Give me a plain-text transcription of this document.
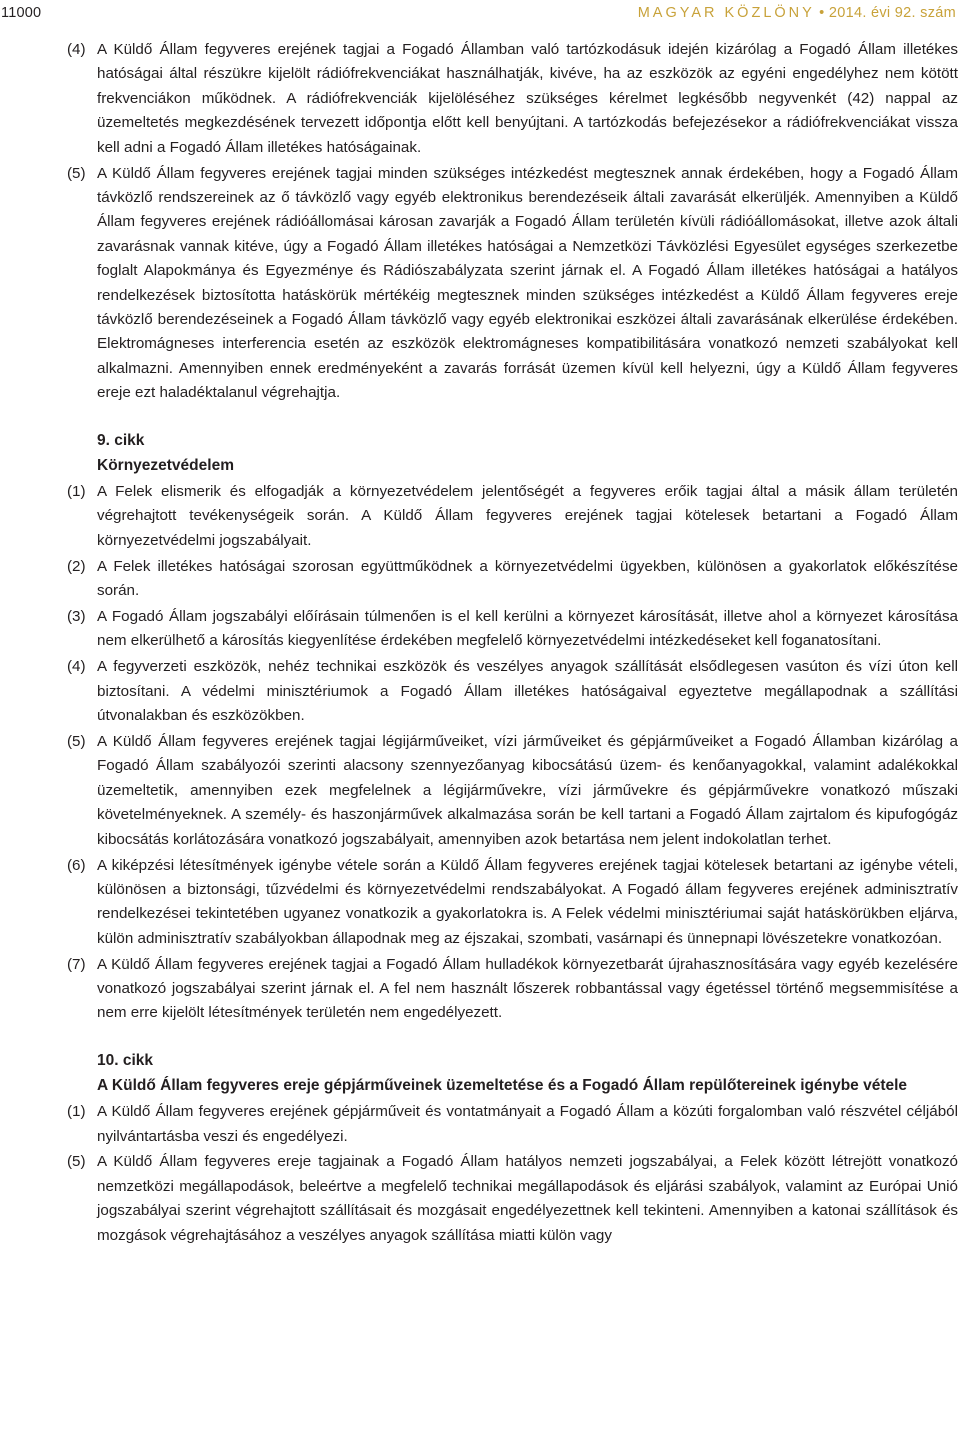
11000	MAGYAR KÖZLÖNY • 2014. évi 92. szám

(4) A Küldő Állam fegyveres erejének tagjai a Fogadó Államban való tartózkodásuk idején kizárólag a Fogadó Állam illetékes hatóságai által részükre kijelölt rádiófrekvenciákat használhatják, kivéve, ha az eszközök az egyéni engedélyhez nem kötött frekvenciákon működnek. A rádiófrekvenciák kijelöléséhez szükséges kérelmet legkésőbb negyvenkét (42) nappal az üzemeltetés megkezdésének tervezett időpontja előtt kell benyújtani. A tartózkodás befejezésekor a rádiófrekvenciákat vissza kell adni a Fogadó Állam illetékes hatóságainak.

(5) A Küldő Állam fegyveres erejének tagjai minden szükséges intézkedést megtesznek annak érdekében, hogy a Fogadó Állam távközlő rendszereinek az ő távközlő vagy egyéb elektronikus berendezéseik általi zavarását elkerüljék. Amennyiben a Küldő Állam fegyveres erejének rádióállomásai károsan zavarják a Fogadó Állam területén kívüli rádióállomásokat, illetve azok általi zavarásnak vannak kitéve, úgy a Fogadó Állam illetékes hatóságai a Nemzetközi Távközlési Egyesület egységes szerkezetbe foglalt Alapokmánya és Egyezménye és Rádiószabályzata szerint járnak el. A Fogadó Állam illetékes hatóságai a hatályos rendelkezések biztosította hatáskörük mértékéig megtesznek minden szükséges intézkedést a Küldő Állam fegyveres ereje távközlő berendezéseinek a Fogadó Állam távközlő vagy egyéb elektronikai eszközei általi zavarásának elkerülése érdekében. Elektromágneses interferencia esetén az eszközök elektromágneses kompatibilitására vonatkozó nemzeti szabályokat kell alkalmazni. Amennyiben ennek eredményeként a zavarás forrását üzemen kívül kell helyezni, úgy a Küldő Állam fegyveres ereje ezt haladéktalanul végrehajtja.

9. cikk
Környezetvédelem

(1) A Felek elismerik és elfogadják a környezetvédelem jelentőségét a fegyveres erőik tagjai által a másik állam területén végrehajtott tevékenységeik során. A Küldő Állam fegyveres erejének tagjai kötelesek betartani a Fogadó Állam környezetvédelmi jogszabályait.

(2) A Felek illetékes hatóságai szorosan együttműködnek a környezetvédelmi ügyekben, különösen a gyakorlatok előkészítése során.

(3) A Fogadó Állam jogszabályi előírásain túlmenően is el kell kerülni a környezet károsítását, illetve ahol a környezet károsítása nem elkerülhető a károsítás kiegyenlítése érdekében megfelelő környezetvédelmi intézkedéseket kell foganatosítani.

(4) A fegyverzeti eszközök, nehéz technikai eszközök és veszélyes anyagok szállítását elsődlegesen vasúton és vízi úton kell biztosítani. A védelmi minisztériumok a Fogadó Állam illetékes hatóságaival egyeztetve megállapodnak a szállítási útvonalakban és eszközökben.

(5) A Küldő Állam fegyveres erejének tagjai légijárműveiket, vízi járműveiket és gépjárműveiket a Fogadó Államban kizárólag a Fogadó Állam szabályozói szerinti alacsony szennyezőanyag kibocsátású üzem- és kenőanyagokkal, valamint adalékokkal üzemeltetik, amennyiben ezek megfelelnek a légijárművekre, vízi járművekre és gépjárművekre vonatkozó műszaki követelményeknek. A személy- és haszonjárművek alkalmazása során be kell tartani a Fogadó Állam zajrtalom és kipufogógáz kibocsátás korlátozására vonatkozó jogszabályait, amennyiben azok betartása nem jelent indokolatlan terhet.

(6) A kiképzési létesítmények igénybe vétele során a Küldő Állam fegyveres erejének tagjai kötelesek betartani az igénybe vételi, különösen a biztonsági, tűzvédelmi és környezetvédelmi rendszabályokat. A Fogadó állam fegyveres erejének adminisztratív rendelkezései tekintetében ugyanez vonatkozik a gyakorlatokra is. A Felek védelmi minisztériumai saját hatáskörükben eljárva, külön adminisztratív szabályokban állapodnak meg az éjszakai, szombati, vasárnapi és ünnepnapi lövészetekre vonatkozóan.

(7) A Küldő Állam fegyveres erejének tagjai a Fogadó Állam hulladékok környezetbarát újrahasznosítására vagy egyéb kezelésére vonatkozó jogszabályai szerint járnak el. A fel nem használt lőszerek robbantással vagy égetéssel történő megsemmisítése a nem erre kijelölt létesítmények területén nem engedélyezett.

10. cikk
A Küldő Állam fegyveres ereje gépjárműveinek üzemeltetése és a Fogadó Állam repülőtereinek igénybe vétele

(1) A Küldő Állam fegyveres erejének gépjárműveit és vontatmányait a Fogadó Állam a közúti forgalomban való részvétel céljából nyilvántartásba veszi és engedélyezi.

(5) A Küldő Állam fegyveres ereje tagjainak a Fogadó Állam hatályos nemzeti jogszabályai, a Felek között létrejött vonatkozó nemzetközi megállapodások, beleértve a megfelelő technikai megállapodások és eljárási szabályok, valamint az Európai Unió jogszabályai szerint végrehajtott szállításait és mozgásait engedélyezettnek kell tekinteni. Amennyiben a katonai szállítások és mozgások végrehajtásához a veszélyes anyagok szállítása miatti külön vagy
